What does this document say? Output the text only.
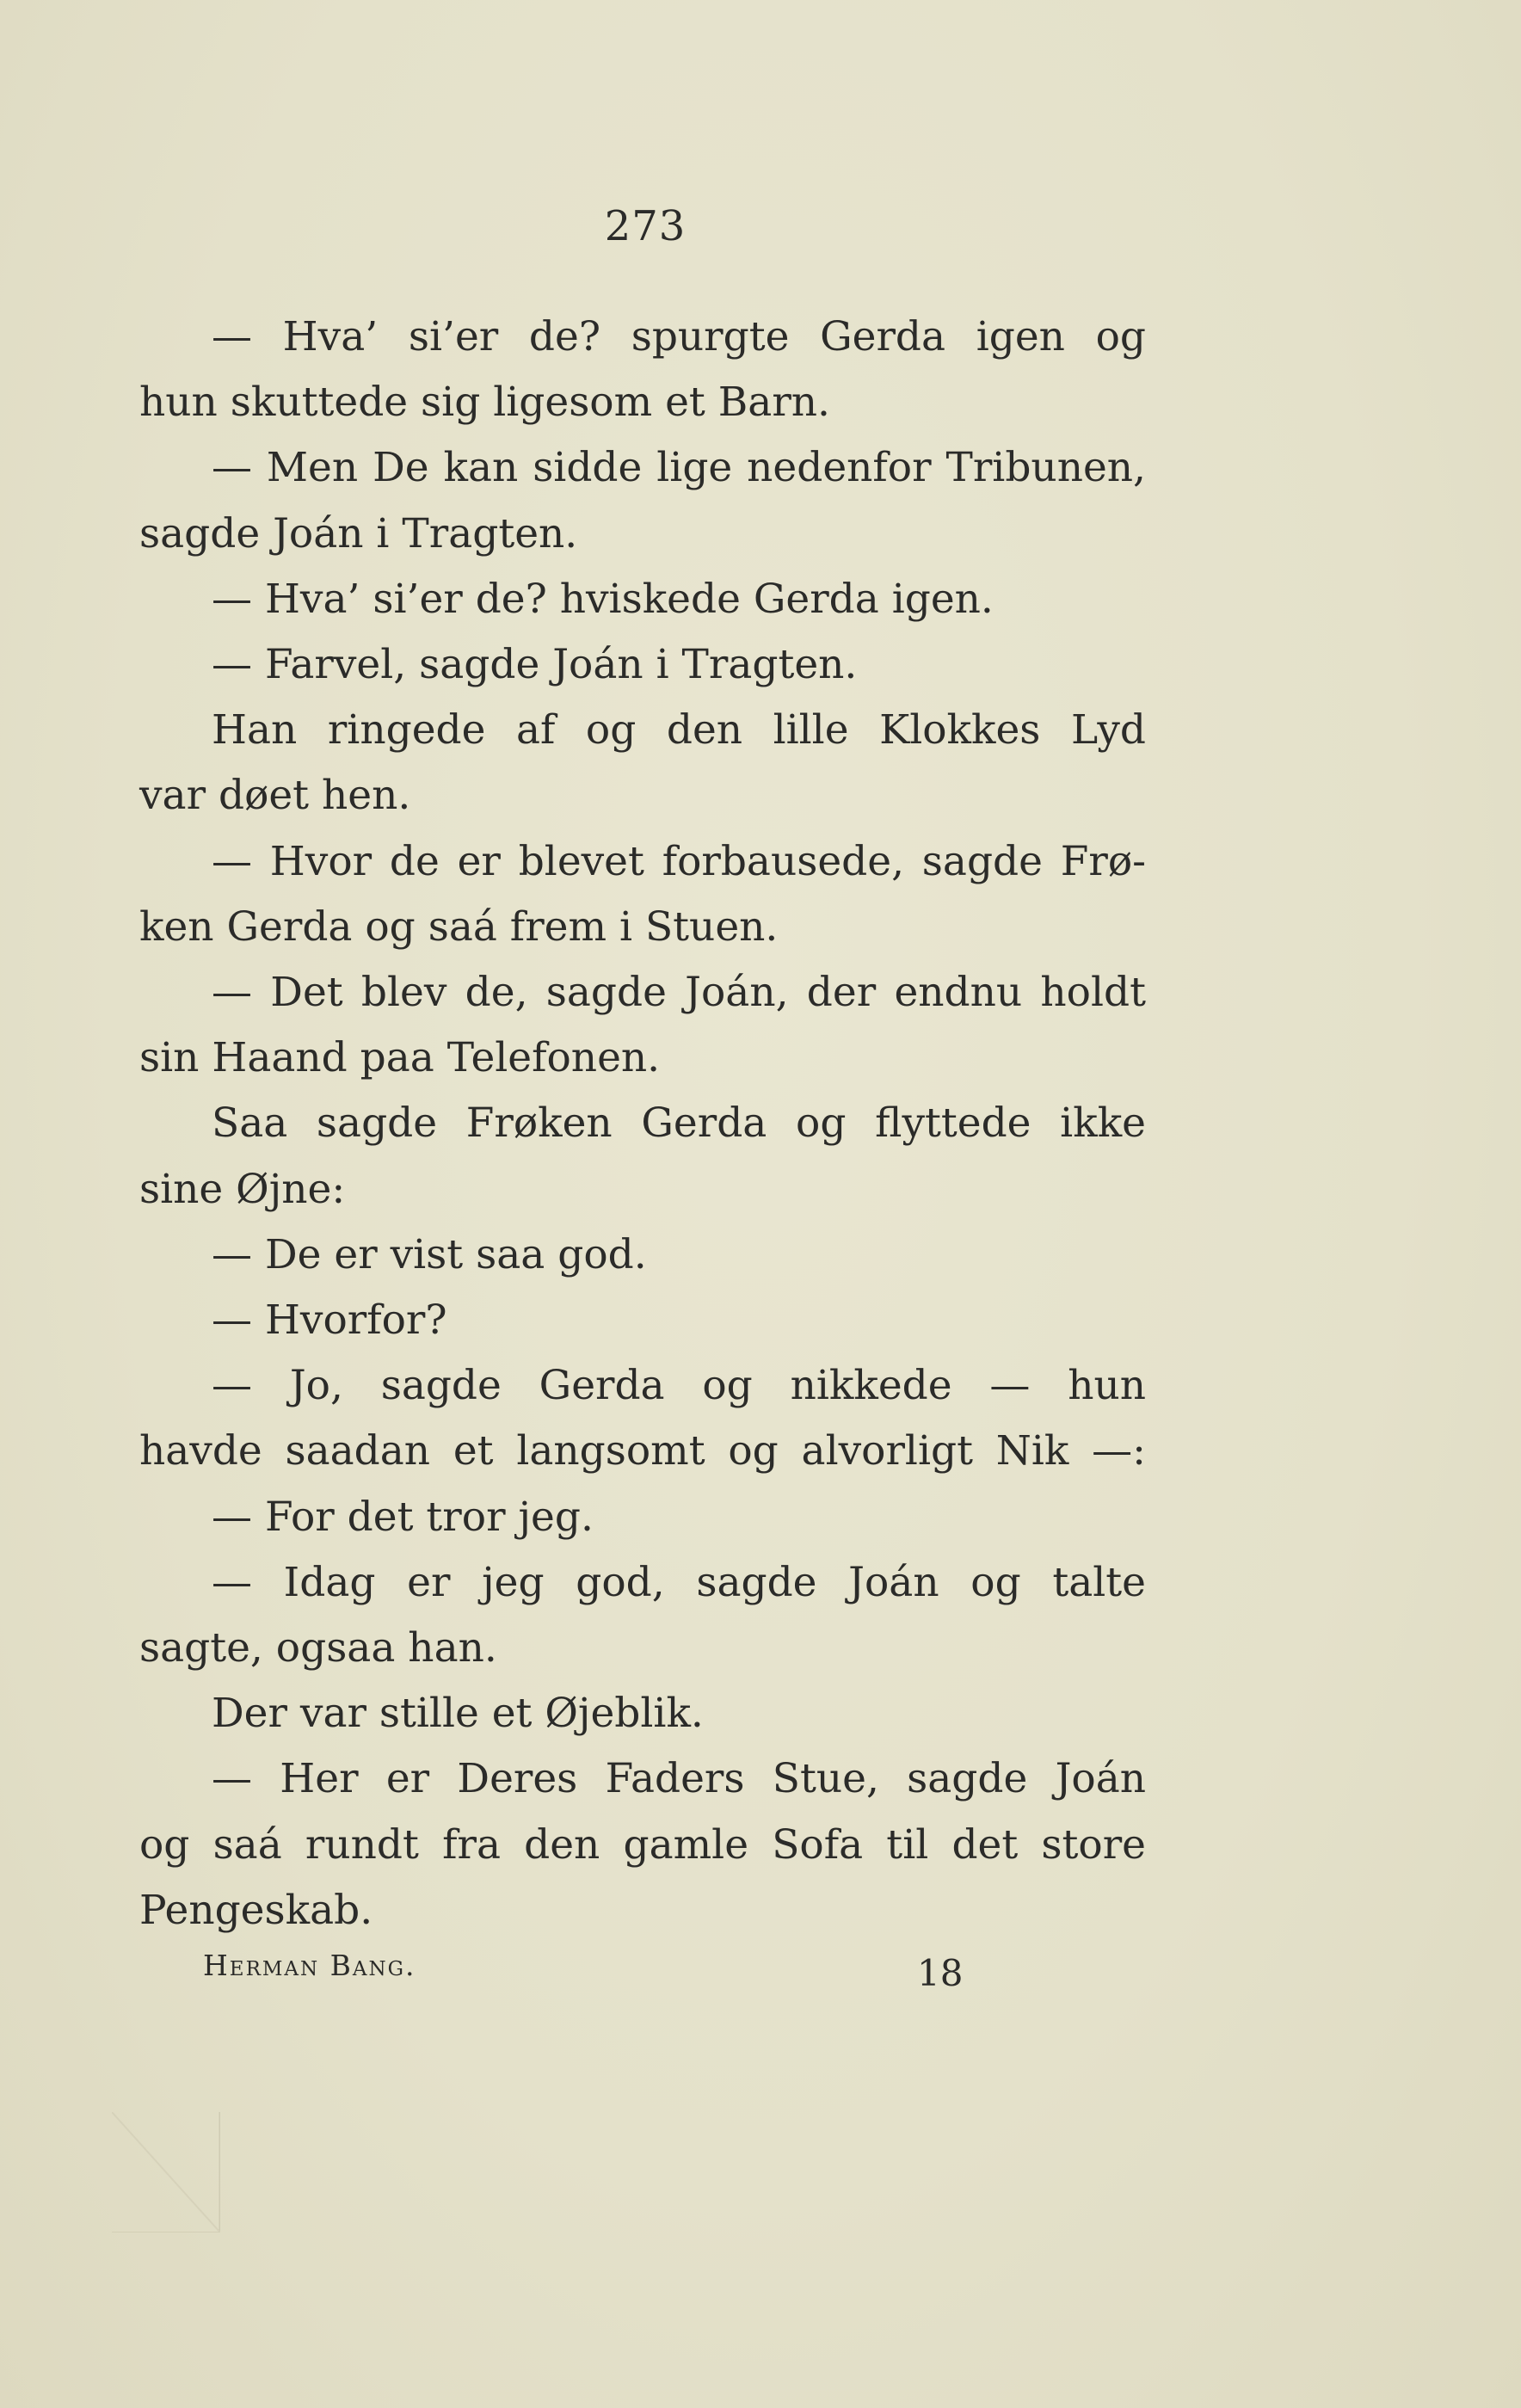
273
— Hva’ si’er de? spurgte Gerda igen og
hun skuttede sig ligesom et Barn.
— Men De kan sidde lige nedenfor Tribunen,
sagde Joán i Tragten.
— Hva’ si’er de? hviskede Gerda igen.
— Farvel, sagde Joán i Tragten.
Han ringede af og den lille Klokkes Lyd
var døet hen.
— Hvor de er blevet forbausede, sagde Frø-
ken Gerda og saá frem i Stuen.
— Det blev de, sagde Joán, der endnu holdt
sin Haand paa Telefonen.
Saa sagde Frøken Gerda og flyttede ikke
sine Øjne:
— De er vist saa god.
— Hvorfor?
— Jo, sagde Gerda og nikkede — hun
havde saadan et langsomt og alvorligt Nik —:
— For det tror jeg.
— Idag er jeg god, sagde Joán og talte
sagte, ogsaa han.
Der var stille et Øjeblik.
— Her er Deres Faders Stue, sagde Joán
og saá rundt fra den gamle Sofa til det store
Pengeskab.
Herman Bang.	18
